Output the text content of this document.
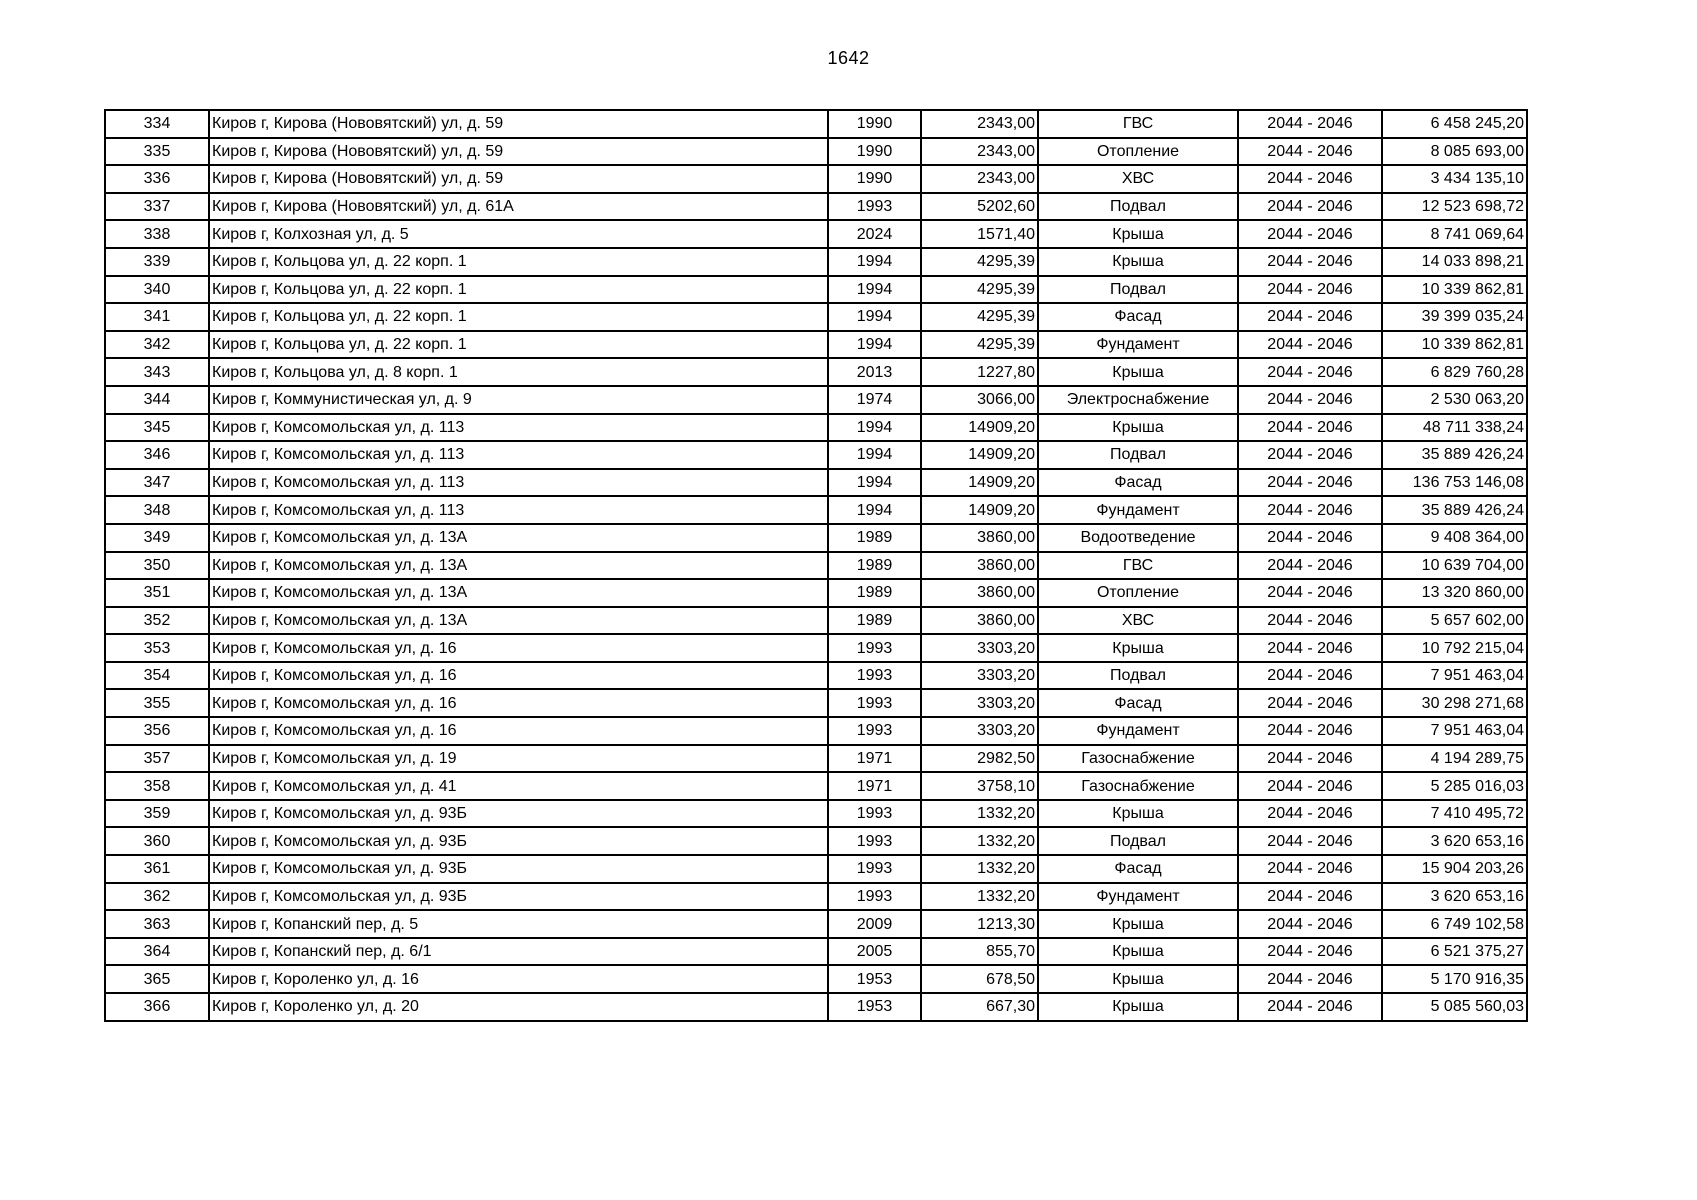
1642
334	Киров г, Кирова (Нововятский) ул, д. 59	1990	2343,00	ГВС	2044 - 2046	6 458 245,20
335	Киров г, Кирова (Нововятский) ул, д. 59	1990	2343,00	Отопление	2044 - 2046	8 085 693,00
336	Киров г, Кирова (Нововятский) ул, д. 59	1990	2343,00	ХВС	2044 - 2046	3 434 135,10
337	Киров г, Кирова (Нововятский) ул, д. 61А	1993	5202,60	Подвал	2044 - 2046	12 523 698,72
338	Киров г, Колхозная ул, д. 5	2024	1571,40	Крыша	2044 - 2046	8 741 069,64
339	Киров г, Кольцова ул, д. 22 корп. 1	1994	4295,39	Крыша	2044 - 2046	14 033 898,21
340	Киров г, Кольцова ул, д. 22 корп. 1	1994	4295,39	Подвал	2044 - 2046	10 339 862,81
341	Киров г, Кольцова ул, д. 22 корп. 1	1994	4295,39	Фасад	2044 - 2046	39 399 035,24
342	Киров г, Кольцова ул, д. 22 корп. 1	1994	4295,39	Фундамент	2044 - 2046	10 339 862,81
343	Киров г, Кольцова ул, д. 8 корп. 1	2013	1227,80	Крыша	2044 - 2046	6 829 760,28
344	Киров г, Коммунистическая ул, д. 9	1974	3066,00	Электроснабжение	2044 - 2046	2 530 063,20
345	Киров г, Комсомольская ул, д. 113	1994	14909,20	Крыша	2044 - 2046	48 711 338,24
346	Киров г, Комсомольская ул, д. 113	1994	14909,20	Подвал	2044 - 2046	35 889 426,24
347	Киров г, Комсомольская ул, д. 113	1994	14909,20	Фасад	2044 - 2046	136 753 146,08
348	Киров г, Комсомольская ул, д. 113	1994	14909,20	Фундамент	2044 - 2046	35 889 426,24
349	Киров г, Комсомольская ул, д. 13А	1989	3860,00	Водоотведение	2044 - 2046	9 408 364,00
350	Киров г, Комсомольская ул, д. 13А	1989	3860,00	ГВС	2044 - 2046	10 639 704,00
351	Киров г, Комсомольская ул, д. 13А	1989	3860,00	Отопление	2044 - 2046	13 320 860,00
352	Киров г, Комсомольская ул, д. 13А	1989	3860,00	ХВС	2044 - 2046	5 657 602,00
353	Киров г, Комсомольская ул, д. 16	1993	3303,20	Крыша	2044 - 2046	10 792 215,04
354	Киров г, Комсомольская ул, д. 16	1993	3303,20	Подвал	2044 - 2046	7 951 463,04
355	Киров г, Комсомольская ул, д. 16	1993	3303,20	Фасад	2044 - 2046	30 298 271,68
356	Киров г, Комсомольская ул, д. 16	1993	3303,20	Фундамент	2044 - 2046	7 951 463,04
357	Киров г, Комсомольская ул, д. 19	1971	2982,50	Газоснабжение	2044 - 2046	4 194 289,75
358	Киров г, Комсомольская ул, д. 41	1971	3758,10	Газоснабжение	2044 - 2046	5 285 016,03
359	Киров г, Комсомольская ул, д. 93Б	1993	1332,20	Крыша	2044 - 2046	7 410 495,72
360	Киров г, Комсомольская ул, д. 93Б	1993	1332,20	Подвал	2044 - 2046	3 620 653,16
361	Киров г, Комсомольская ул, д. 93Б	1993	1332,20	Фасад	2044 - 2046	15 904 203,26
362	Киров г, Комсомольская ул, д. 93Б	1993	1332,20	Фундамент	2044 - 2046	3 620 653,16
363	Киров г, Копанский пер, д. 5	2009	1213,30	Крыша	2044 - 2046	6 749 102,58
364	Киров г, Копанский пер, д. 6/1	2005	855,70	Крыша	2044 - 2046	6 521 375,27
365	Киров г, Короленко ул, д. 16	1953	678,50	Крыша	2044 - 2046	5 170 916,35
366	Киров г, Короленко ул, д. 20	1953	667,30	Крыша	2044 - 2046	5 085 560,03
